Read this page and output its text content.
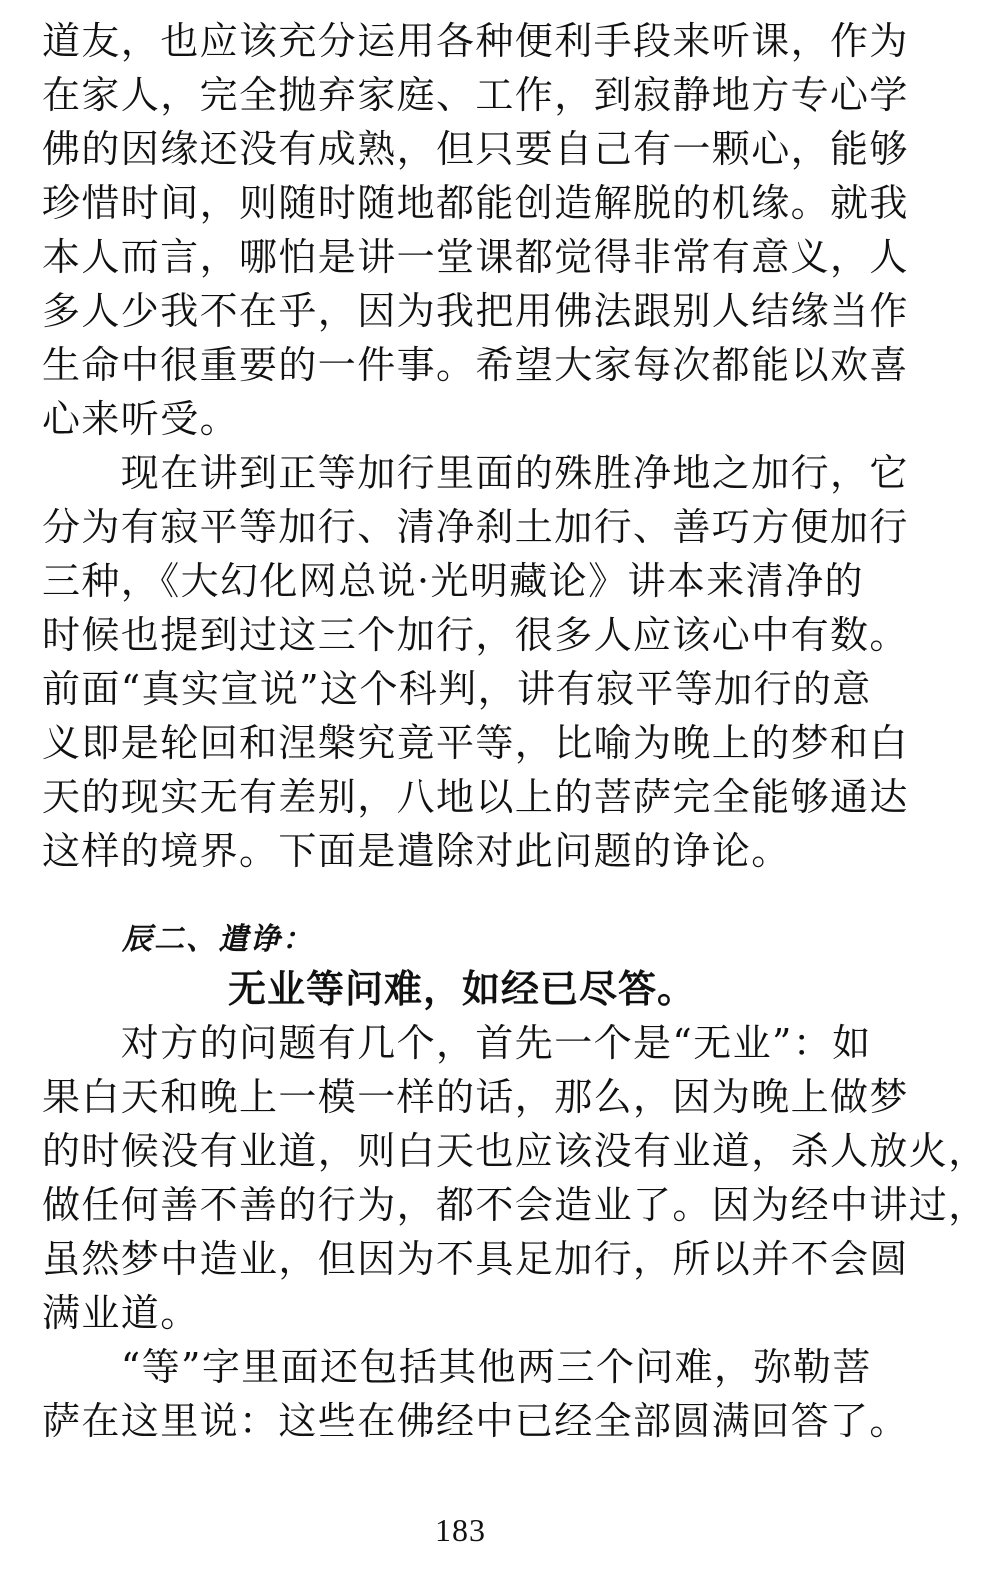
道友，也应该充分运用各种便利手段来听课，作为
在家人，完全抛弃家庭、工作，到寂静地方专心学
佛的因缘还没有成熟，但只要自己有一颗心，能够
珍惜时间，则随时随地都能创造解脱的机缘。就我
本人而言，哪怕是讲一堂课都觉得非常有意义，人
多人少我不在乎，因为我把用佛法跟别人结缘当作
生命中很重要的一件事。希望大家每次都能以欢喜
心来听受。

　　现在讲到正等加行里面的殊胜净地之加行，它
分为有寂平等加行、清净刹土加行、善巧方便加行
三种，《大幻化网总说·光明藏论》讲本来清净的
时候也提到过这三个加行，很多人应该心中有数。
前面“真实宣说”这个科判，讲有寂平等加行的意
义即是轮回和涅槃究竟平等，比喻为晚上的梦和白
天的现实无有差别，八地以上的菩萨完全能够通达
这样的境界。下面是遣除对此问题的诤论。

辰二、遣诤：

无业等问难，如经已尽答。

　　对方的问题有几个，首先一个是“无业”：如
果白天和晚上一模一样的话，那么，因为晚上做梦
的时候没有业道，则白天也应该没有业道，杀人放火，
做任何善不善的行为，都不会造业了。因为经中讲过，
虽然梦中造业，但因为不具足加行，所以并不会圆
满业道。

　　“等”字里面还包括其他两三个问难，弥勒菩
萨在这里说：这些在佛经中已经全部圆满回答了。

183
